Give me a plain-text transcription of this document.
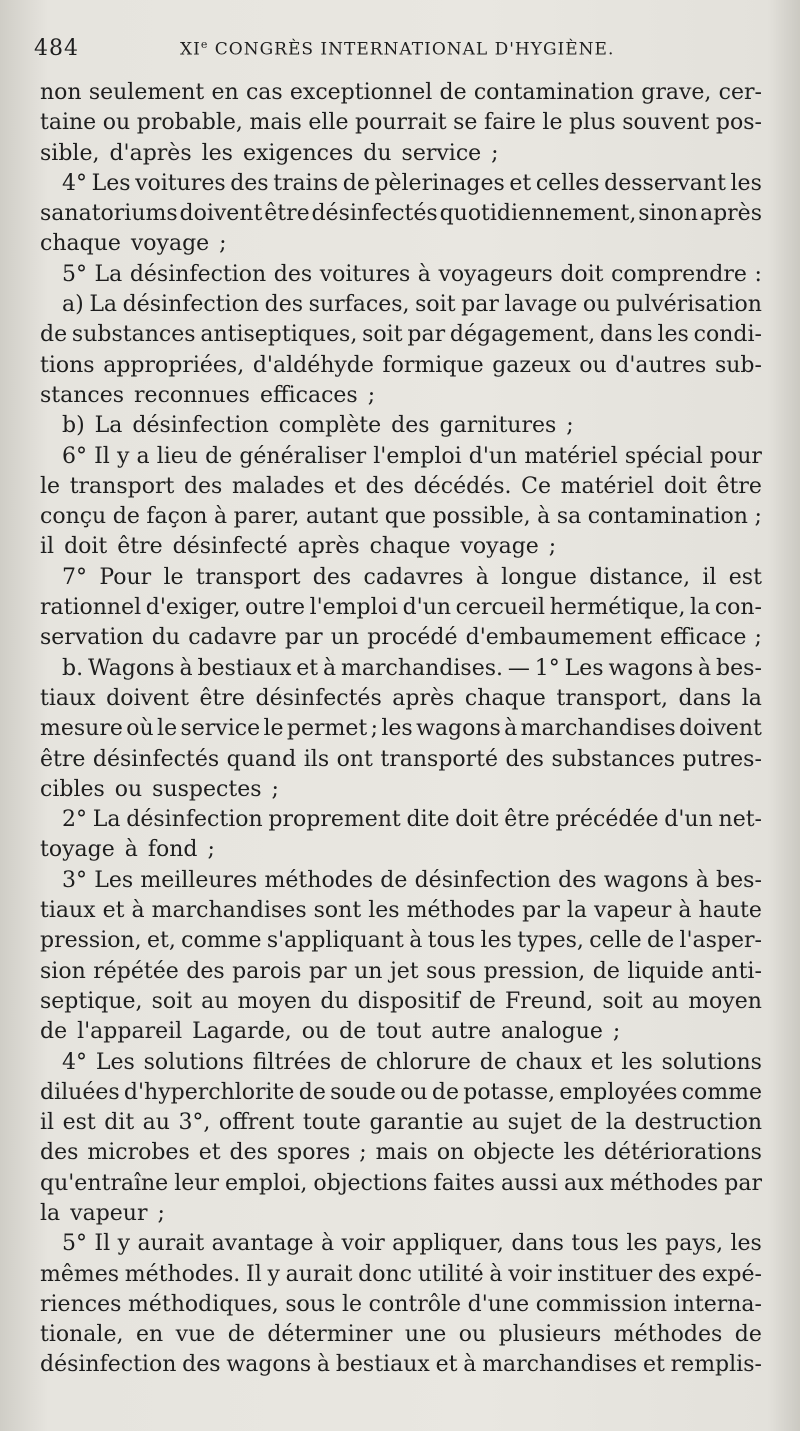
484	XIe CONGRÈS INTERNATIONAL D'HYGIÈNE.
non seulement en cas exceptionnel de contamination grave, cer-
taine ou probable, mais elle pourrait se faire le plus souvent pos-
sible, d'après les exigences du service ;
4° Les voitures des trains de pèlerinages et celles desservant les
sanatoriums doivent être désinfectés quotidiennement, sinon après
chaque voyage ;
5° La désinfection des voitures à voyageurs doit comprendre :
a) La désinfection des surfaces, soit par lavage ou pulvérisation
de substances antiseptiques, soit par dégagement, dans les condi-
tions appropriées, d'aldéhyde formique gazeux ou d'autres sub-
stances reconnues efficaces ;
b) La désinfection complète des garnitures ;
6° Il y a lieu de généraliser l'emploi d'un matériel spécial pour
le transport des malades et des décédés. Ce matériel doit être
conçu de façon à parer, autant que possible, à sa contamination ;
il doit être désinfecté après chaque voyage ;
7° Pour le transport des cadavres à longue distance, il est
rationnel d'exiger, outre l'emploi d'un cercueil hermétique, la con-
servation du cadavre par un procédé d'embaumement efficace ;
b. Wagons à bestiaux et à marchandises. — 1° Les wagons à bes-
tiaux doivent être désinfectés après chaque transport, dans la
mesure où le service le permet ; les wagons à marchandises doivent
être désinfectés quand ils ont transporté des substances putres-
cibles ou suspectes ;
2° La désinfection proprement dite doit être précédée d'un net-
toyage à fond ;
3° Les meilleures méthodes de désinfection des wagons à bes-
tiaux et à marchandises sont les méthodes par la vapeur à haute
pression, et, comme s'appliquant à tous les types, celle de l'asper-
sion répétée des parois par un jet sous pression, de liquide anti-
septique, soit au moyen du dispositif de Freund, soit au moyen
de l'appareil Lagarde, ou de tout autre analogue ;
4° Les solutions filtrées de chlorure de chaux et les solutions
diluées d'hyperchlorite de soude ou de potasse, employées comme
il est dit au 3°, offrent toute garantie au sujet de la destruction
des microbes et des spores ; mais on objecte les détériorations
qu'entraîne leur emploi, objections faites aussi aux méthodes par
la vapeur ;
5° Il y aurait avantage à voir appliquer, dans tous les pays, les
mêmes méthodes. Il y aurait donc utilité à voir instituer des expé-
riences méthodiques, sous le contrôle d'une commission interna-
tionale, en vue de déterminer une ou plusieurs méthodes de
désinfection des wagons à bestiaux et à marchandises et remplis-
